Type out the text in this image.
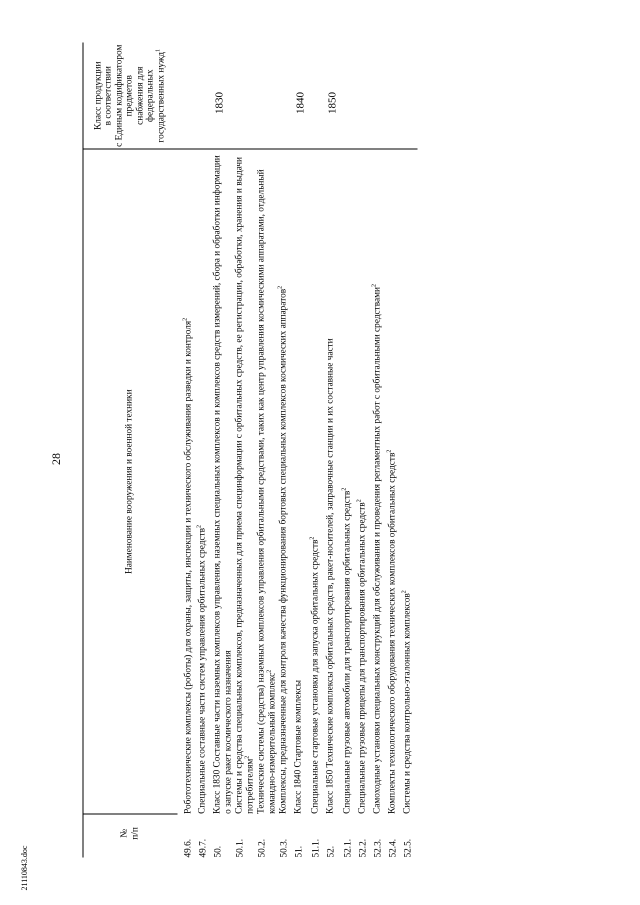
28
№ п/п	Наименование вооружения и военной техники	Класс продукции в соответствии с Единым кодификатором предметов снабжения для федеральных государственных нужд$^1$

49.6.	Робототехнические комплексы (роботы) для охраны, защиты, инспекции и технического обслуживания разведки и контроля$^2$	
49.7.	Специальные составные части систем управления орбитальных средств$^2$	
50.	Класс 1830 Составные части наземных комплексов управления, наземных специальных комплексов и комплексов средств измерений, сбора и обработки информации о запуске ракет космического назначения	1830
50.1.	Системы и средства специальных комплексов, предназначенных для приема специнформации с орбитальных средств, ее регистрации, обработки, хранения и выдачи потребителям$^2$	
50.2.	Технические системы (средства) наземных комплексов управления орбитальными средствами, таких как центр управления космическими аппаратами, отдельный командно-измерительный комплекс$^2$	
50.3.	Комплексы, предназначенные для контроля качества функционирования бортовых специальных комплексов космических аппаратов$^2$	
51.	Класс 1840 Стартовые комплексы	1840
51.1.	Специальные стартовые установки для запуска орбитальных средств$^2$	
52.	Класс 1850 Технические комплексы орбитальных средств, ракет-носителей, заправочные станции и их составные части	1850
52.1.	Специальные грузовые автомобили для транспортирования орбитальных средств$^2$	
52.2.	Специальные грузовые прицепы для транспортирования орбитальных средств$^2$	
52.3.	Самоходные установки специальных конструкций для обслуживания и проведения регламентных работ с орбитальными средствами$^2$	
52.4.	Комплекты технологического оборудования технических комплексов орбитальных средств$^2$	
52.5.	Системы и средства контрольно-эталонных комплексов$^2$	
21110843.doc
